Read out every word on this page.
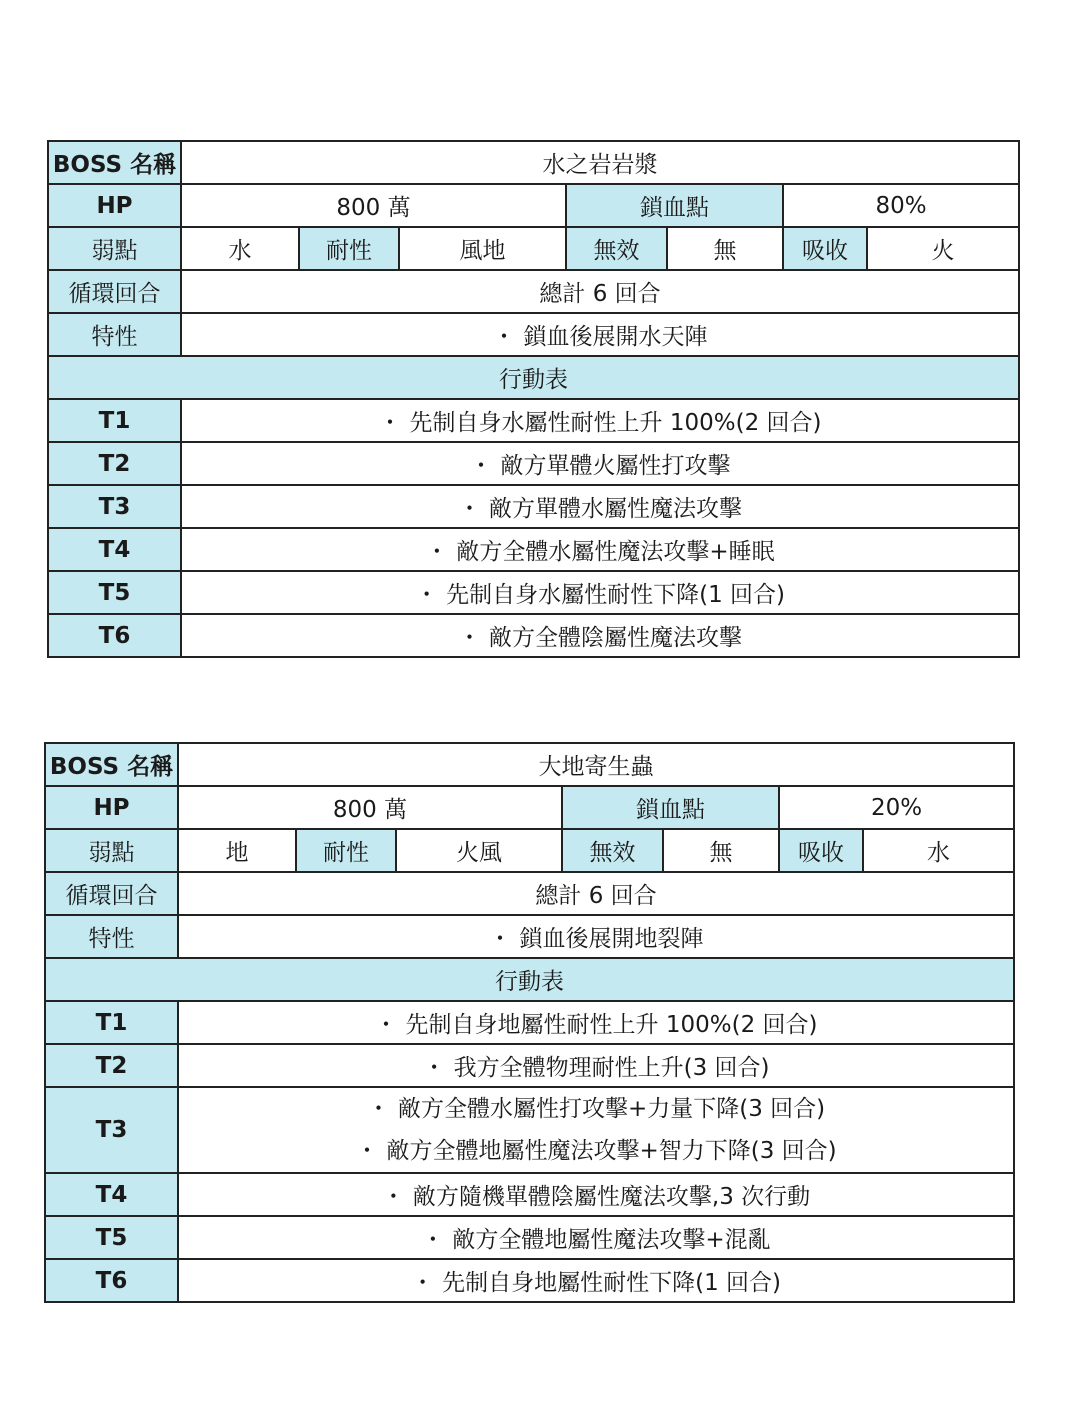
BOSS 名稱	水之岩岩漿						
HP	800 萬			鎖血點		80%	
弱點	水	耐性	風地	無效	無	吸收	火
循環回合	總計 6 回合						
特性	・ 鎖血後展開水天陣						
行動表							
T1	・ 先制自身水屬性耐性上升 100%(2 回合)						
T2	・ 敵方單體火屬性打攻擊						
T3	・ 敵方單體水屬性魔法攻擊						
T4	・ 敵方全體水屬性魔法攻擊+睡眠						
T5	・ 先制自身水屬性耐性下降(1 回合)						
T6	・ 敵方全體陰屬性魔法攻擊						
BOSS 名稱	大地寄生蟲						
HP	800 萬			鎖血點		20%	
弱點	地	耐性	火風	無效	無	吸收	水
循環回合	總計 6 回合						
特性	・ 鎖血後展開地裂陣						
行動表							
T1	・ 先制自身地屬性耐性上升 100%(2 回合)						
T2	・ 我方全體物理耐性上升(3 回合)						
T3	・ 敵方全體水屬性打攻擊+力量下降(3 回合)
・ 敵方全體地屬性魔法攻擊+智力下降(3 回合)						

T4	・ 敵方隨機單體陰屬性魔法攻擊,3 次行動						
T5	・ 敵方全體地屬性魔法攻擊+混亂						
T6	・ 先制自身地屬性耐性下降(1 回合)						
